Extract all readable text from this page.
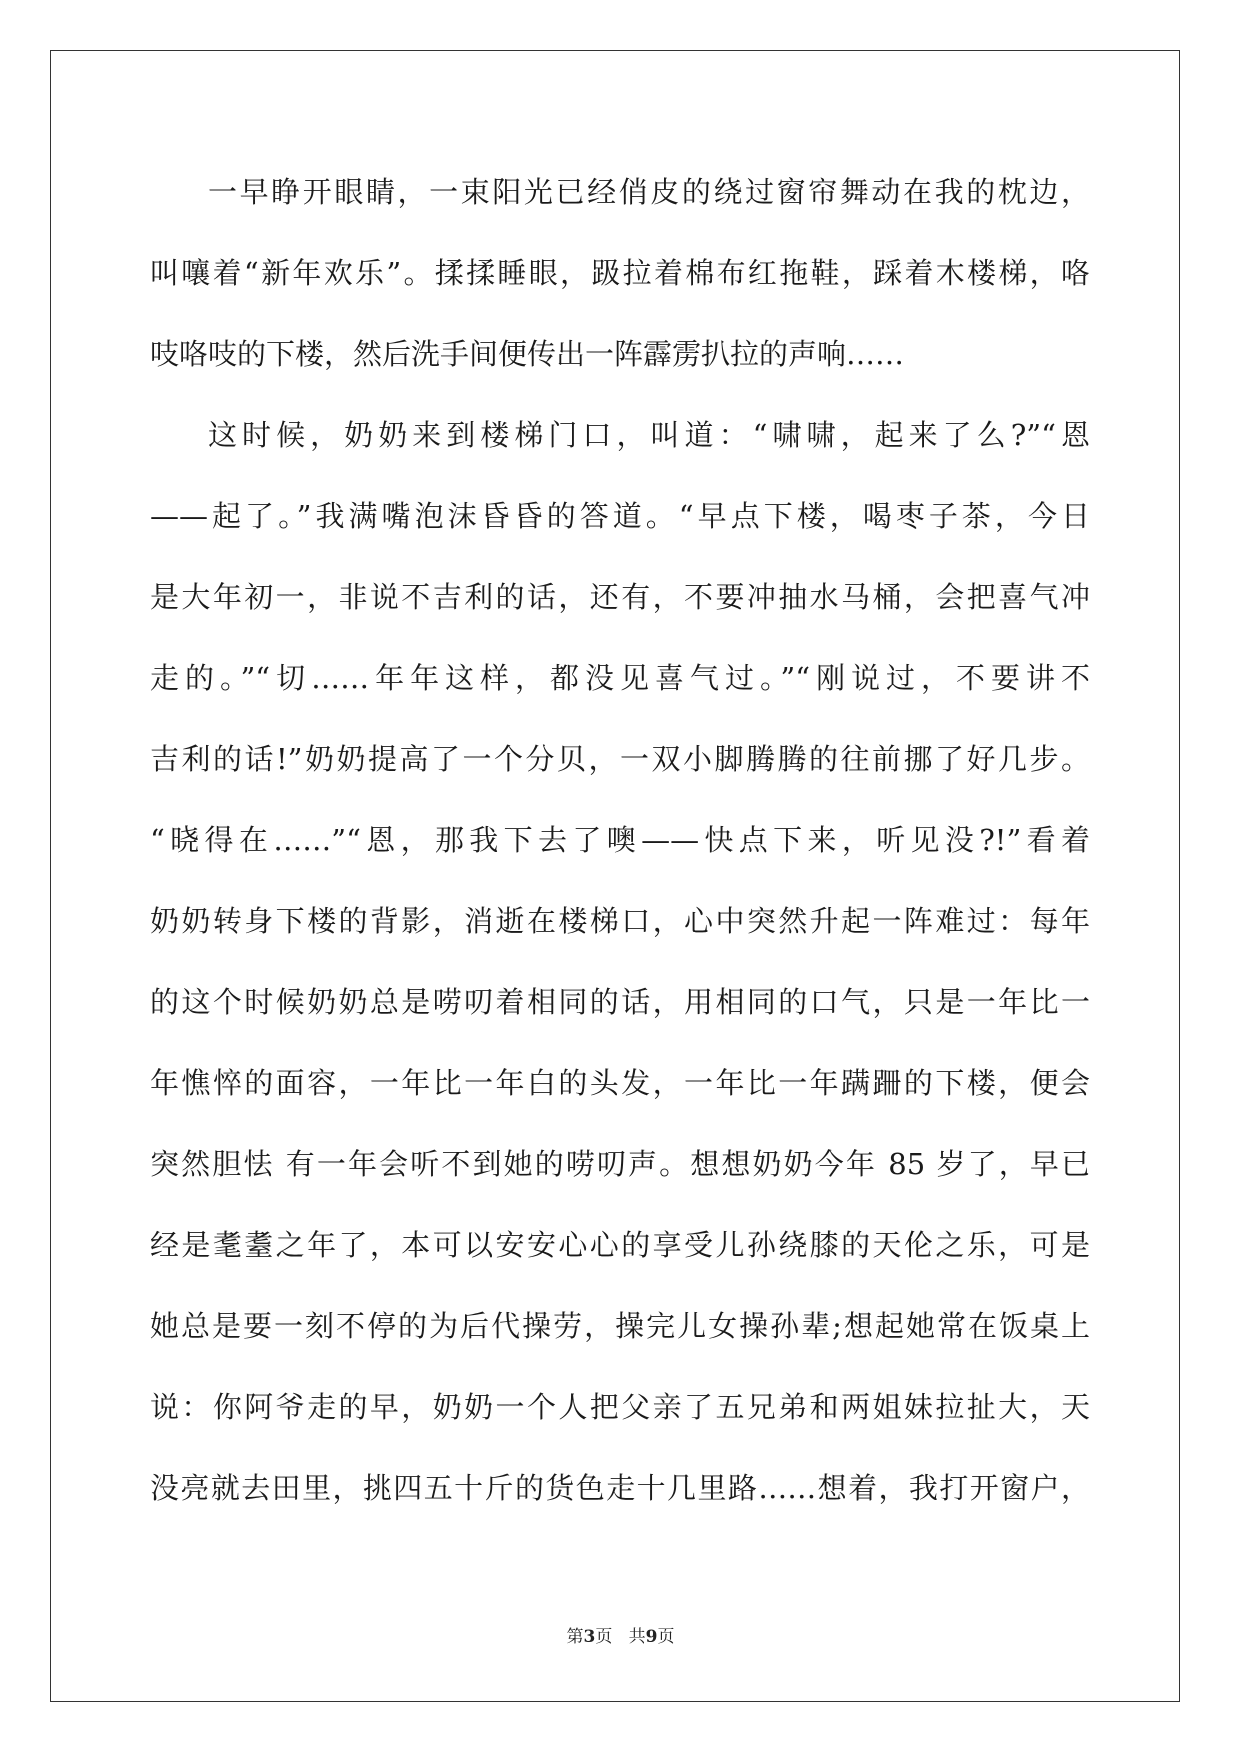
一早睁开眼睛，一束阳光已经俏皮的绕过窗帘舞动在我的枕边，
叫嚷着“新年欢乐”。揉揉睡眼，趿拉着棉布红拖鞋，踩着木楼梯，咯
吱咯吱的下楼，然后洗手间便传出一阵霹雳扒拉的声响……
这时候，奶奶来到楼梯门口，叫道：“啸啸，起来了么?”“恩
——起了。”我满嘴泡沫昏昏的答道。“早点下楼，喝枣子茶，今日
是大年初一，非说不吉利的话，还有，不要冲抽水马桶，会把喜气冲
走的。”“切……年年这样，都没见喜气过。”“刚说过，不要讲不
吉利的话!”奶奶提高了一个分贝，一双小脚腾腾的往前挪了好几步。
“晓得在……”“恩，那我下去了噢——快点下来，听见没?!”看着
奶奶转身下楼的背影，消逝在楼梯口，心中突然升起一阵难过：每年
的这个时候奶奶总是唠叨着相同的话，用相同的口气，只是一年比一
年憔悴的面容，一年比一年白的头发，一年比一年蹒跚的下楼，便会
突然胆怯 有一年会听不到她的唠叨声。想想奶奶今年 85 岁了，早已
经是耄耋之年了，本可以安安心心的享受儿孙绕膝的天伦之乐，可是
她总是要一刻不停的为后代操劳，操完儿女操孙辈;想起她常在饭桌上
说：你阿爷走的早，奶奶一个人把父亲了五兄弟和两姐妹拉扯大，天
没亮就去田里，挑四五十斤的货色走十几里路……想着，我打开窗户，
第3页 共9页
